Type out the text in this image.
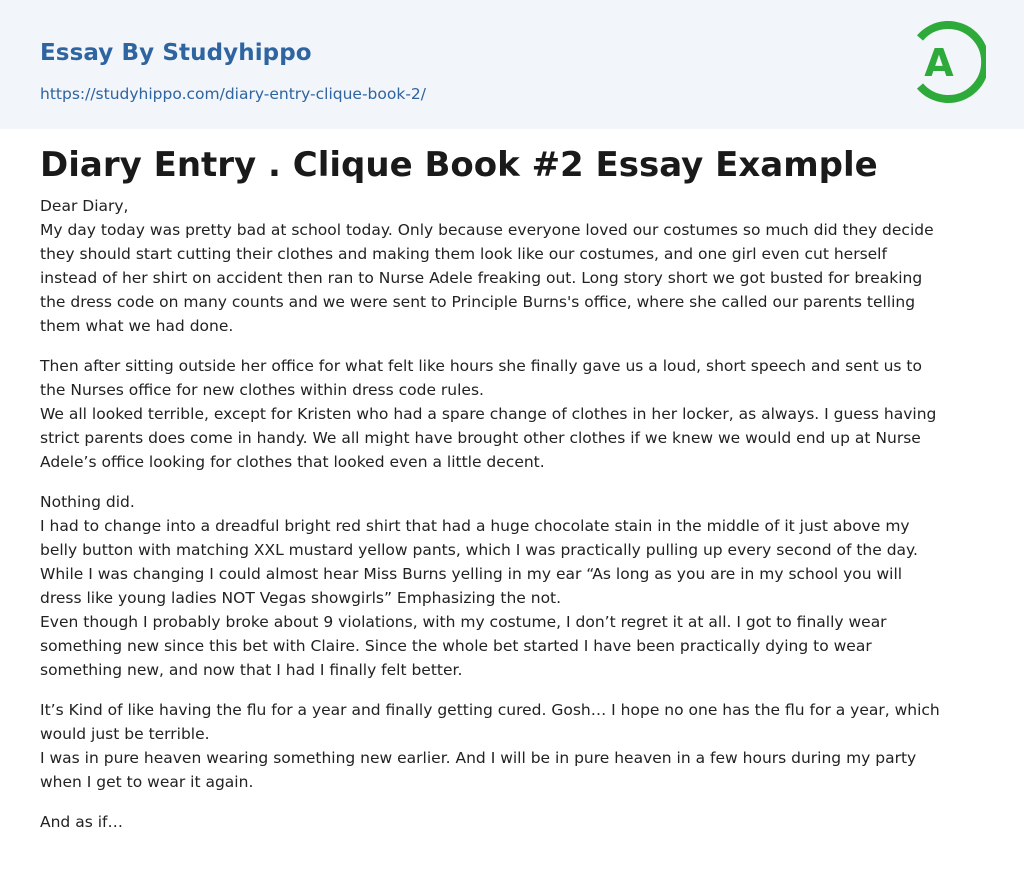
Essay By Studyhippo
https://studyhippo.com/diary-entry-clique-book-2/
A
Diary Entry . Clique Book #2 Essay Example

Dear Diary,
My day today was pretty bad at school today. Only because everyone loved our costumes so much did they decide
they should start cutting their clothes and making them look like our costumes, and one girl even cut herself
instead of her shirt on accident then ran to Nurse Adele freaking out. Long story short we got busted for breaking
the dress code on many counts and we were sent to Principle Burns's office, where she called our parents telling
them what we had done.

Then after sitting outside her office for what felt like hours she finally gave us a loud, short speech and sent us to
the Nurses office for new clothes within dress code rules.
We all looked terrible, except for Kristen who had a spare change of clothes in her locker, as always. I guess having
strict parents does come in handy. We all might have brought other clothes if we knew we would end up at Nurse
Adele’s office looking for clothes that looked even a little decent.

Nothing did.
I had to change into a dreadful bright red shirt that had a huge chocolate stain in the middle of it just above my
belly button with matching XXL mustard yellow pants, which I was practically pulling up every second of the day.
While I was changing I could almost hear Miss Burns yelling in my ear “As long as you are in my school you will
dress like young ladies NOT Vegas showgirls” Emphasizing the not.
Even though I probably broke about 9 violations, with my costume, I don’t regret it at all. I got to finally wear
something new since this bet with Claire. Since the whole bet started I have been practically dying to wear
something new, and now that I had I finally felt better.

It’s Kind of like having the flu for a year and finally getting cured. Gosh… I hope no one has the flu for a year, which
would just be terrible.
I was in pure heaven wearing something new earlier. And I will be in pure heaven in a few hours during my party
when I get to wear it again.

And as if…
